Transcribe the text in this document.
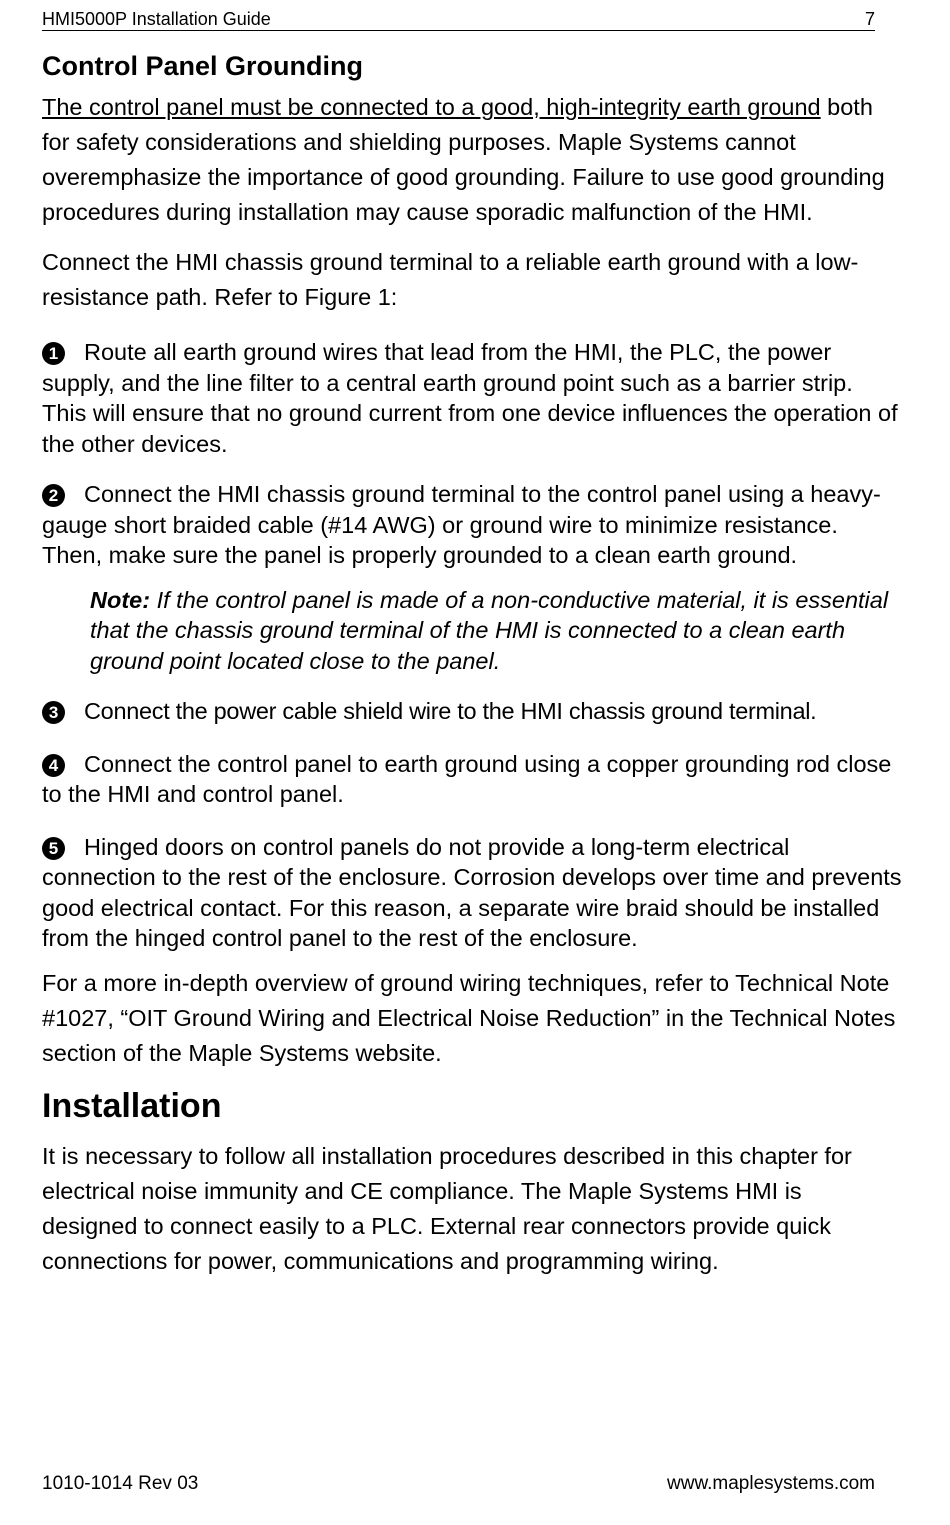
HMI5000P Installation Guide	7
Control Panel Grounding

The control panel must be connected to a good, high-integrity earth ground both for safety considerations and shielding purposes. Maple Systems cannot overemphasize the importance of good grounding. Failure to use good grounding procedures during installation may cause sporadic malfunction of the HMI.

Connect the HMI chassis ground terminal to a reliable earth ground with a low-resistance path. Refer to Figure 1:

1 Route all earth ground wires that lead from the HMI, the PLC, the power supply, and the line filter to a central earth ground point such as a barrier strip. This will ensure that no ground current from one device influences the operation of the other devices.

2 Connect the HMI chassis ground terminal to the control panel using a heavy-gauge short braided cable (#14 AWG) or ground wire to minimize resistance. Then, make sure the panel is properly grounded to a clean earth ground.

Note: If the control panel is made of a non-conductive material, it is essential that the chassis ground terminal of the HMI is connected to a clean earth ground point located close to the panel.

3 Connect the power cable shield wire to the HMI chassis ground terminal.

4 Connect the control panel to earth ground using a copper grounding rod close to the HMI and control panel.

5 Hinged doors on control panels do not provide a long-term electrical connection to the rest of the enclosure. Corrosion develops over time and prevents good electrical contact. For this reason, a separate wire braid should be installed from the hinged control panel to the rest of the enclosure.

For a more in-depth overview of ground wiring techniques, refer to Technical Note #1027, “OIT Ground Wiring and Electrical Noise Reduction” in the Technical Notes section of the Maple Systems website.

Installation

It is necessary to follow all installation procedures described in this chapter for electrical noise immunity and CE compliance. The Maple Systems HMI is designed to connect easily to a PLC. External rear connectors provide quick connections for power, communications and programming wiring.

1010-1014 Rev 03	www.maplesystems.com
